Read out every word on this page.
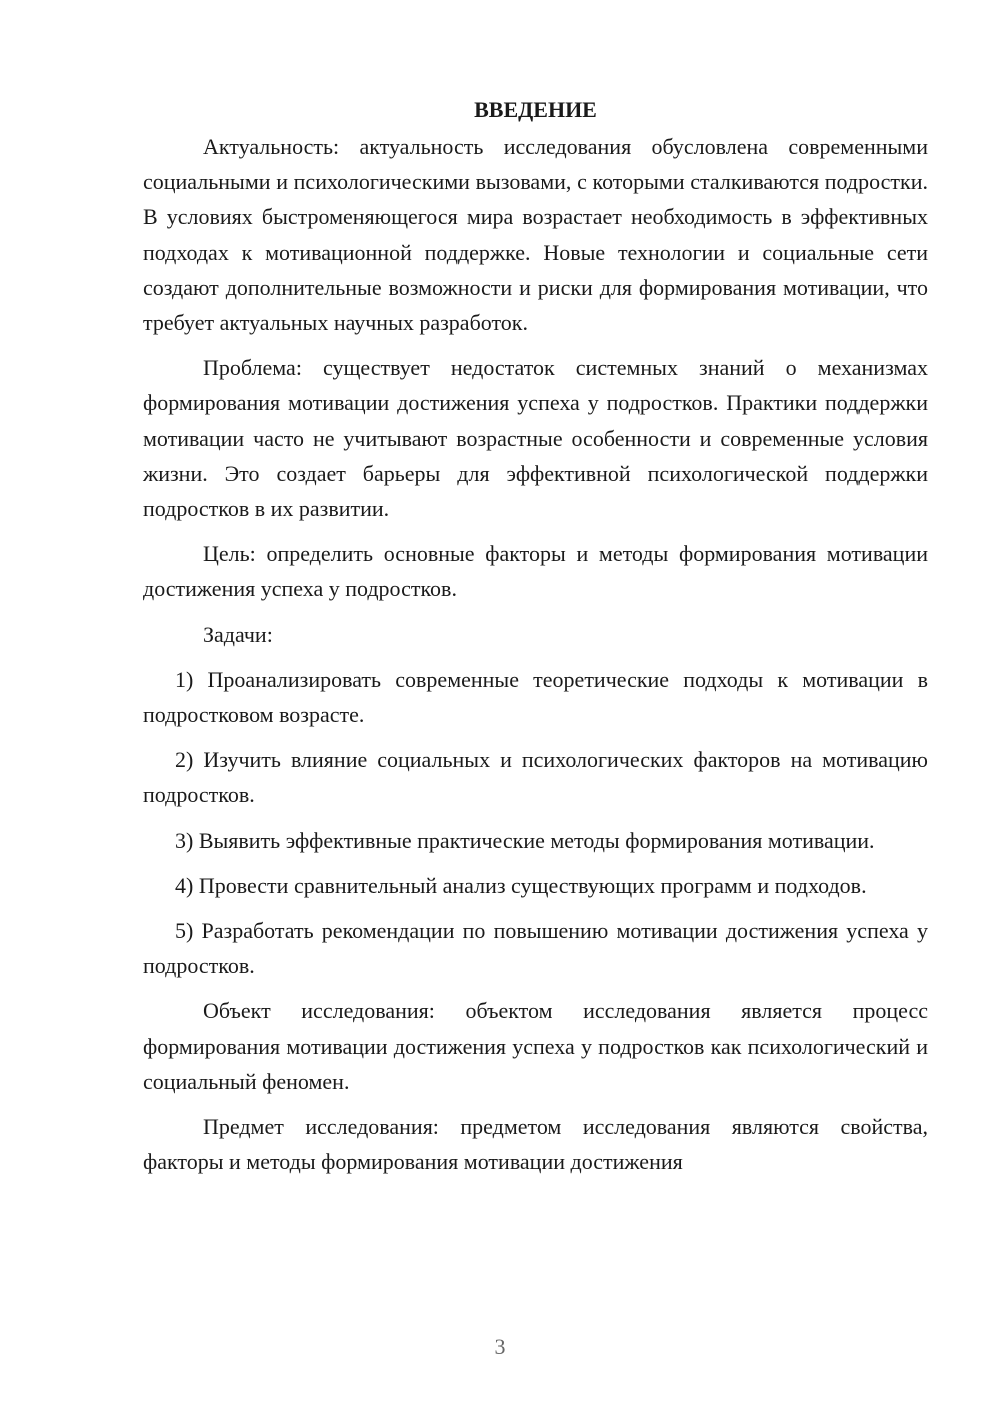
ВВЕДЕНИЕ

Актуальность: актуальность исследования обусловлена современными социальными и психологическими вызовами, с которыми сталкиваются подростки. В условиях быстроменяющегося мира возрастает необходимость в эффективных подходах к мотивационной поддержке. Новые технологии и социальные сети создают дополнительные возможности и риски для формирования мотивации, что требует актуальных научных разработок.

Проблема: существует недостаток системных знаний о механизмах формирования мотивации достижения успеха у подростков. Практики поддержки мотивации часто не учитывают возрастные особенности и современные условия жизни. Это создает барьеры для эффективной психологической поддержки подростков в их развитии.

Цель: определить основные факторы и методы формирования мотивации достижения успеха у подростков.

Задачи:

1) Проанализировать современные теоретические подходы к мотивации в подростковом возрасте.

2) Изучить влияние социальных и психологических факторов на мотивацию подростков.

3) Выявить эффективные практические методы формирования мотивации.

4) Провести сравнительный анализ существующих программ и подходов.

5) Разработать рекомендации по повышению мотивации достижения успеха у подростков.

Объект исследования: объектом исследования является процесс формирования мотивации достижения успеха у подростков как психологический и социальный феномен.

Предмет исследования: предметом исследования являются свойства, факторы и методы формирования мотивации достижения

3
